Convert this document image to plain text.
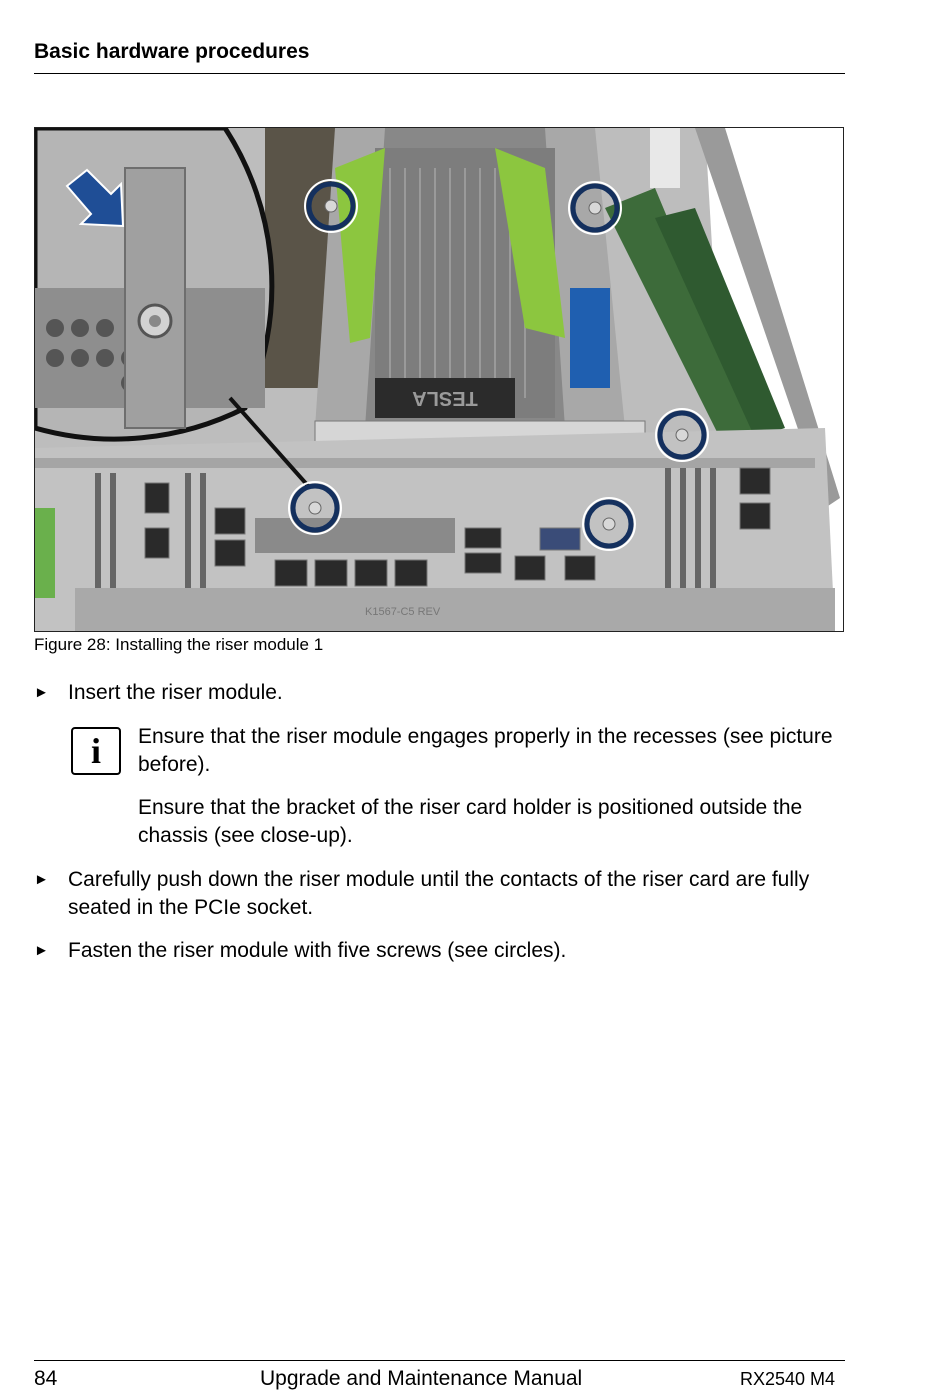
Basic hardware procedures
TESLA
K1567-C5 REV
Figure 28: Installing the riser module 1
► Insert the riser module.
i	Ensure that the riser module engages properly in the recesses (see picture before).
Ensure that the bracket of the riser card holder is positioned outside the chassis (see close-up).
► Carefully push down the riser module until the contacts of the riser card are fully seated in the PCIe socket.
► Fasten the riser module with five screws (see circles).
84	Upgrade and Maintenance Manual	RX2540 M4
